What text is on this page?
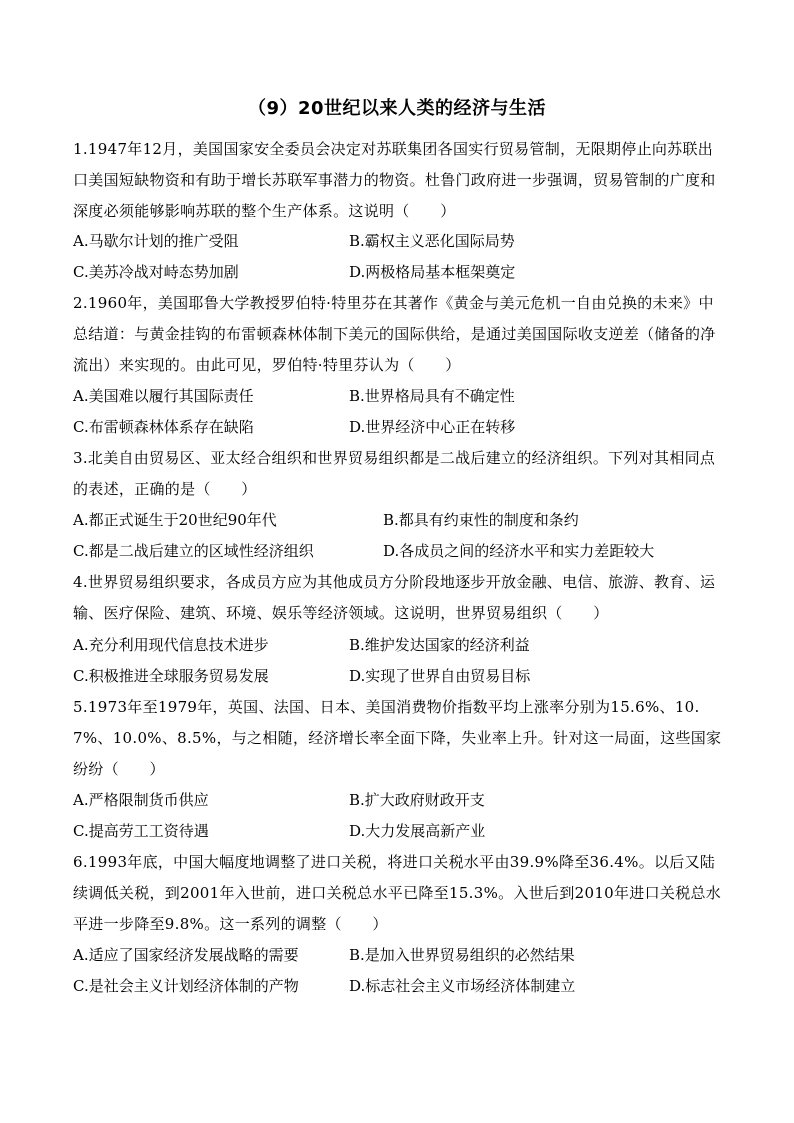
（9）20世纪以来人类的经济与生活
1.1947年12月，美国国家安全委员会决定对苏联集团各国实行贸易管制，无限期停止向苏联出口美国短缺物资和有助于增长苏联军事潜力的物资。杜鲁门政府进一步强调，贸易管制的广度和深度必须能够影响苏联的整个生产体系。这说明（　　）
A.马歇尔计划的推广受阻	B.霸权主义恶化国际局势
C.美苏冷战对峙态势加剧	D.两极格局基本框架奠定
2.1960年，美国耶鲁大学教授罗伯特·特里芬在其著作《黄金与美元危机一自由兑换的未来》中总结道：与黄金挂钩的布雷顿森林体制下美元的国际供给，是通过美国国际收支逆差（储备的净流出）来实现的。由此可见，罗伯特·特里芬认为（　　）
A.美国难以履行其国际责任	B.世界格局具有不确定性
C.布雷顿森林体系存在缺陷	D.世界经济中心正在转移
3.北美自由贸易区、亚太经合组织和世界贸易组织都是二战后建立的经济组织。下列对其相同点的表述，正确的是（　　）
A.都正式诞生于20世纪90年代	B.都具有约束性的制度和条约
C.都是二战后建立的区域性经济组织	D.各成员之间的经济水平和实力差距较大
4.世界贸易组织要求，各成员方应为其他成员方分阶段地逐步开放金融、电信、旅游、教育、运输、医疗保险、建筑、环境、娱乐等经济领域。这说明，世界贸易组织（　　）
A.充分利用现代信息技术进步	B.维护发达国家的经济利益
C.积极推进全球服务贸易发展	D.实现了世界自由贸易目标
5.1973年至1979年，英国、法国、日本、美国消费物价指数平均上涨率分别为15.6%、10.7%、10.0%、8.5%，与之相随，经济增长率全面下降，失业率上升。针对这一局面，这些国家纷纷（　　）
A.严格限制货币供应	B.扩大政府财政开支
C.提高劳工工资待遇	D.大力发展高新产业
6.1993年底，中国大幅度地调整了进口关税，将进口关税水平由39.9%降至36.4%。以后又陆续调低关税，到2001年入世前，进口关税总水平已降至15.3%。入世后到2010年进口关税总水平进一步降至9.8%。这一系列的调整（　　）
A.适应了国家经济发展战略的需要	B.是加入世界贸易组织的必然结果
C.是社会主义计划经济体制的产物	D.标志社会主义市场经济体制建立
